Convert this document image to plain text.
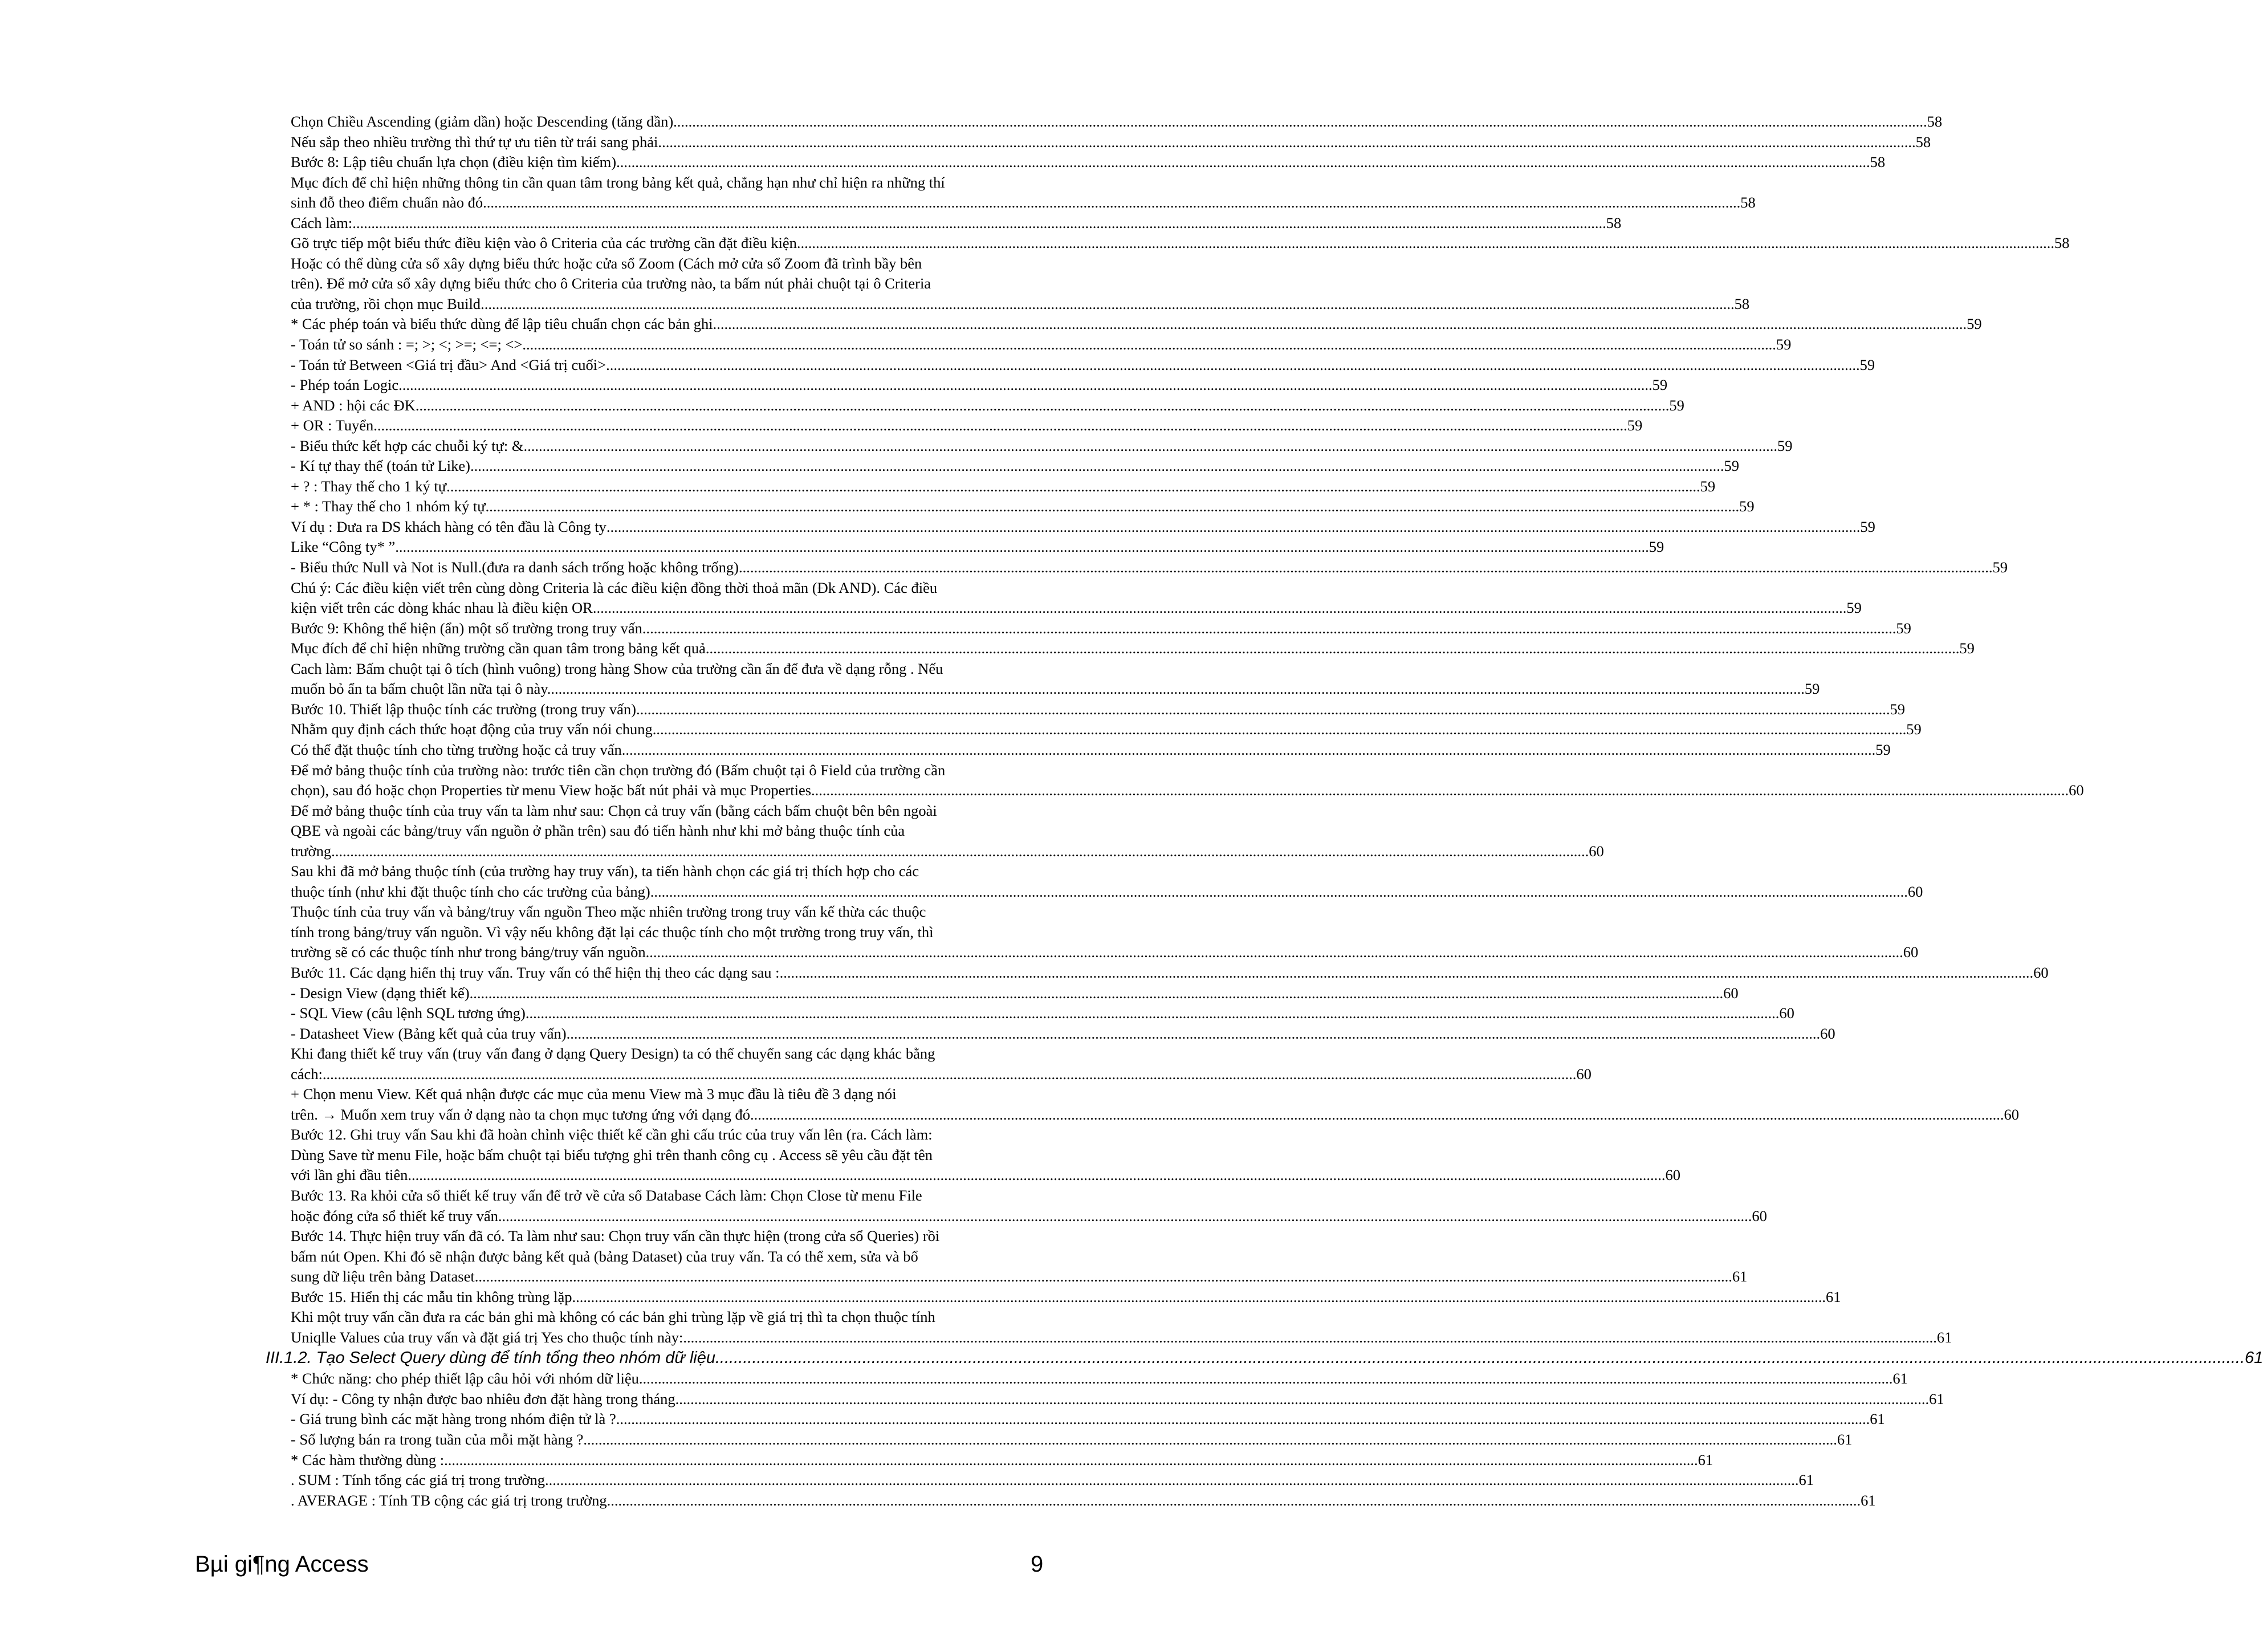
Chọn Chiều Ascending (giảm dần) hoặc Descending (tăng dần) .....	58
Nếu sắp theo nhiều trường thì thứ tự ưu tiên từ trái sang phải. .....	58
Bước 8: Lập tiêu chuẩn lựa chọn (điều kiện tìm kiếm) .....	58
Mục đích để chỉ hiện những thông tin cần quan tâm trong bảng kết quả, chẳng hạn như chỉ hiện ra những thí
sinh đỗ theo điểm chuẩn nào đó. .....	58
Cách làm: .....	58
Gõ trực tiếp một biểu thức điều kiện vào ô Criteria của các trường cần đặt điều kiện. .....	58
Hoặc có thể dùng cửa sổ xây dựng biểu thức hoặc cửa sổ Zoom (Cách mở cửa sổ Zoom đã trình bầy bên
trên). Để mở cửa sổ xây dựng biểu thức cho ô Criteria của trường nào, ta bấm nút phải chuột tại ô Criteria
của trường, rồi chọn mục Build .....	58
* Các phép toán và biểu thức dùng để lập tiêu chuẩn chọn các bản ghi .....	59
- Toán tử so sánh : =; >; <; >=; <=; <> .....	59
- Toán tử Between <Giá trị đầu> And <Giá trị cuối> .....	59
- Phép toán Logic .....	59
+ AND : hội các ĐK .....	59
+ OR : Tuyển .....	59
- Biểu thức kết hợp các chuỗi ký tự: & .....	59
- Kí tự thay thế (toán tử Like) .....	59
+ ? : Thay thế cho 1 ký tự .....	59
+ * : Thay thế cho 1 nhóm ký tự .....	59
Ví dụ : Đưa ra DS khách hàng có tên đầu là Công ty .....	59
Like “Công ty* ” .....	59
- Biểu thức Null và Not is Null.(đưa ra danh sách trống hoặc không trống) .....	59
Chú ý: Các điều kiện viết trên cùng dòng Criteria là các điều kiện đồng thời thoả mãn (Đk AND). Các điều
kiện viết trên các dòng khác nhau là điều kiện OR .....	59
Bước 9: Không thể hiện (ẩn) một số trường trong truy vấn .....	59
Mục đích để chỉ hiện những trường cần quan tâm trong bảng kết quả .....	59
Cach làm: Bấm chuột tại ô tích (hình vuông) trong hàng Show của trường cần ẩn để đưa về dạng rỗng . Nếu
muốn bỏ ẩn ta bấm chuột lần nữa tại ô này. .....	59
Bước 10. Thiết lập thuộc tính các trường (trong truy vấn) .....	59
Nhằm quy định cách thức hoạt động của truy vấn nói chung .....	59
Có thể đặt thuộc tính cho từng trường hoặc cả truy vấn .....	59
Để mở bảng thuộc tính của trường nào: trước tiên cần chọn trường đó (Bấm chuột tại ô Field của trường cần
chọn), sau đó hoặc chọn Properties từ menu View hoặc bất nút phải và mục Properties. .....	60
Để mở bảng thuộc tính của truy vấn ta làm như sau: Chọn cả truy vấn (bằng cách bấm chuột bên bên ngoài
QBE và ngoài các bảng/truy vấn nguồn ở phần trên) sau đó tiến hành như khi mở bảng thuộc tính của
trường. .....	60
Sau khi đã mở bảng thuộc tính (của trường hay truy vấn), ta tiến hành chọn các giá trị thích hợp cho các
thuộc tính (như khi đặt thuộc tính cho các trường của bảng). .....	60
Thuộc tính của truy vấn và bảng/truy vấn nguồn Theo mặc nhiên trường trong truy vấn kế thừa các thuộc
tính trong bảng/truy vấn nguồn. Vì vậy nếu không đặt lại các thuộc tính cho một trường trong truy vấn, thì
trường sẽ có các thuộc tính như trong bảng/truy vấn nguồn. .....	60
Bước 11. Các dạng hiển thị truy vấn. Truy vấn có thể hiện thị theo các dạng sau : .....	60
- Design View (dạng thiết kế) .....	60
- SQL View (câu lệnh SQL tương ứng) .....	60
- Datasheet View (Bảng kết quả của truy vấn) .....	60
Khi đang thiết kế truy vấn (truy vấn đang ở dạng Query Design) ta có thể chuyển sang các dạng khác bằng
cách: .....	60
+ Chọn menu View. Kết quả nhận được các mục của menu View mà 3 mục đầu là tiêu đề 3 dạng nói
trên. → Muốn xem truy vấn ở dạng nào ta chọn mục tương ứng với dạng đó .....	60
Bước 12. Ghi truy vấn Sau khi đã hoàn chỉnh việc thiết kế cần ghi cấu trúc của truy vấn lên (ra. Cách làm:
Dùng Save từ menu File, hoặc bấm chuột tại biểu tượng ghi trên thanh công cụ . Access sẽ yêu cầu đặt tên
với lần ghi đầu tiên. .....	60
Bước 13. Ra khỏi cửa sổ thiết kế truy vấn để trở về cửa sổ Database Cách làm: Chọn Close từ menu File
hoặc đóng cửa sổ thiết kế truy vấn .....	60
Bước 14. Thực hiện truy vấn đã có. Ta làm như sau: Chọn truy vấn cần thực hiện (trong cửa sổ Queries) rồi
bấm nút Open. Khi đó sẽ nhận được bảng kết quả (bảng Dataset) của truy vấn. Ta có thể xem, sửa và bổ
sung dữ liệu trên bảng Dataset. .....	61
Bước 15. Hiển thị các mẫu tin không trùng lặp .....	61
Khi một truy vấn cần đưa ra các bản ghi mà không có các bản ghi trùng lặp về giá trị thì ta chọn thuộc tính
Uniqlle Values của truy vấn và đặt giá trị Yes cho thuộc tính này: .....	61
III.1.2. Tạo Select Query dùng để tính tổng theo nhóm dữ liệu. .....	61
* Chức năng: cho phép thiết lập câu hỏi với nhóm dữ liệu .....	61
Ví dụ: - Công ty nhận được bao nhiêu đơn đặt hàng trong tháng .....	61
- Giá trung bình các mặt hàng trong nhóm điện tử là ? .....	61
- Số lượng bán ra trong tuần của mỗi mặt hàng ? .....	61
* Các hàm thường dùng : .....	61
. SUM : Tính tổng các giá trị trong trường .....	61
. AVERAGE : Tính TB cộng các giá trị trong trường .....	61
Bµi gi¶ng Access	9
